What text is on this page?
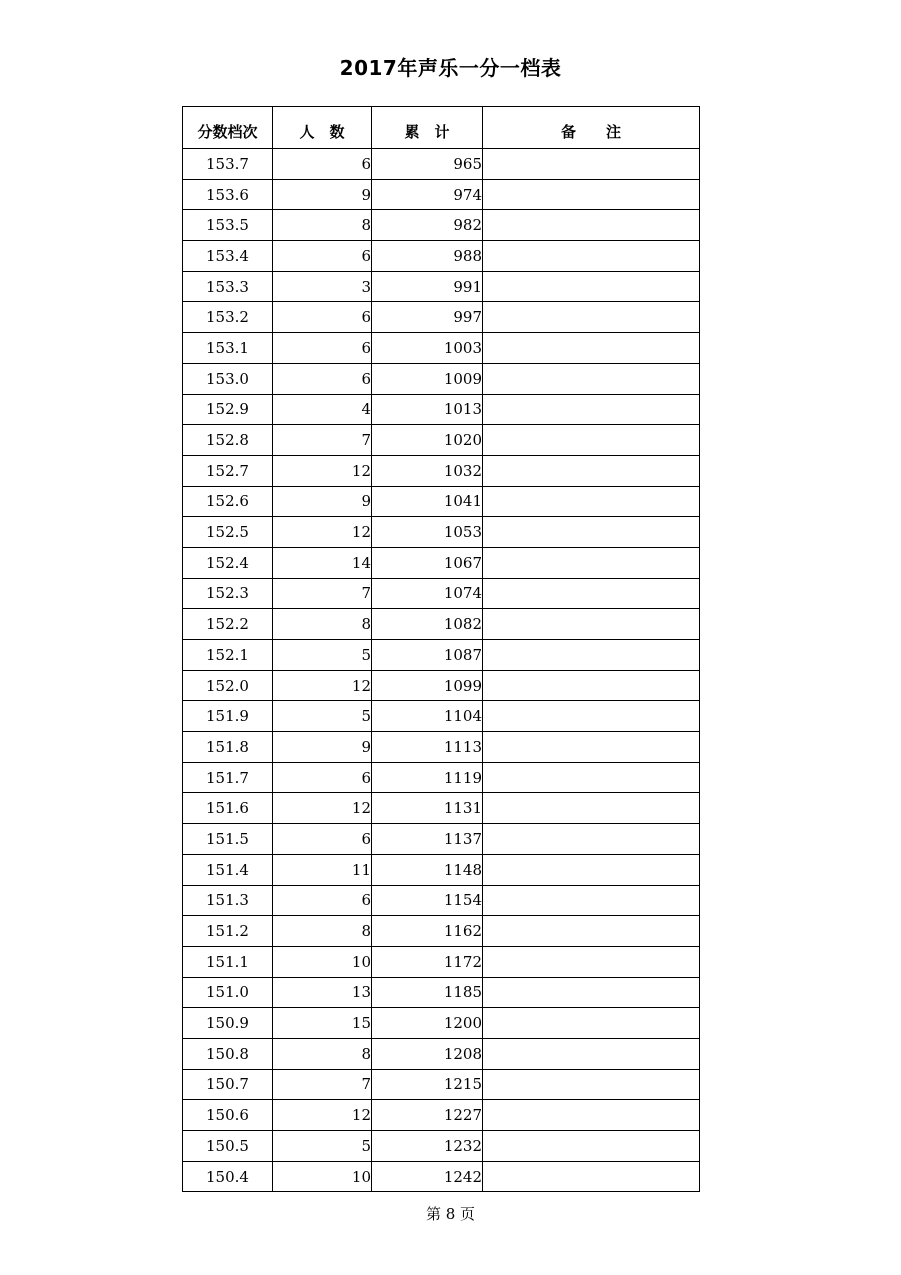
2017年声乐一分一档表
分数档次	人　数	累　计	备　　注
153.7	6	965	
153.6	9	974	
153.5	8	982	
153.4	6	988	
153.3	3	991	
153.2	6	997	
153.1	6	1003	
153.0	6	1009	
152.9	4	1013	
152.8	7	1020	
152.7	12	1032	
152.6	9	1041	
152.5	12	1053	
152.4	14	1067	
152.3	7	1074	
152.2	8	1082	
152.1	5	1087	
152.0	12	1099	
151.9	5	1104	
151.8	9	1113	
151.7	6	1119	
151.6	12	1131	
151.5	6	1137	
151.4	11	1148	
151.3	6	1154	
151.2	8	1162	
151.1	10	1172	
151.0	13	1185	
150.9	15	1200	
150.8	8	1208	
150.7	7	1215	
150.6	12	1227	
150.5	5	1232	
150.4	10	1242	
第 8 页
